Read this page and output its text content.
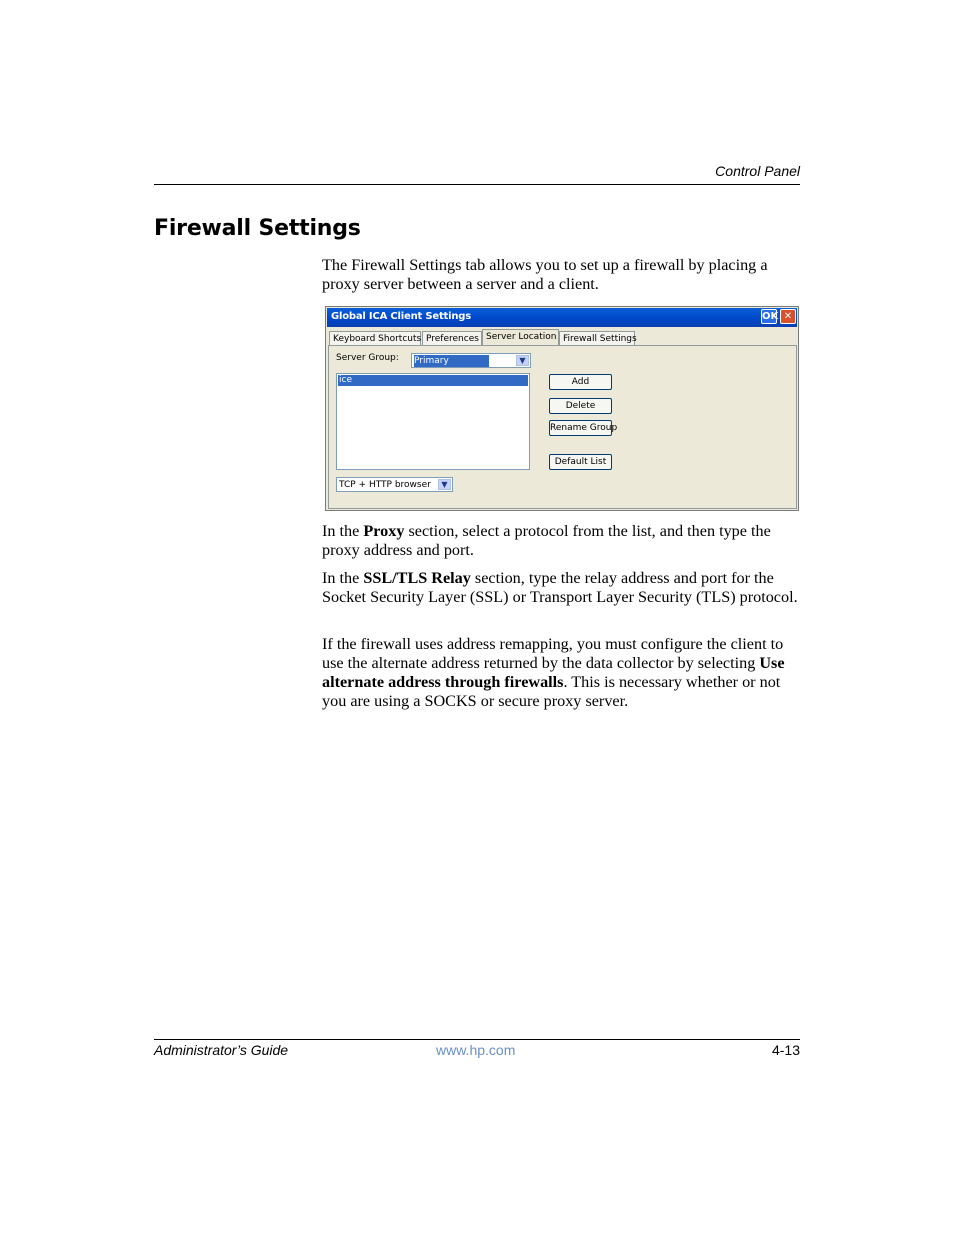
Control Panel
Firewall Settings
The Firewall Settings tab allows you to set up a firewall by placing a proxy server between a server and a client.
Global ICA Client Settings	OK ✕
Keyboard Shortcuts Preferences Server Location Firewall Settings
Server Group: Primary	▼
ice	Add
Delete
Rename Group
Default List
TCP + HTTP browser	▼
In the Proxy section, select a protocol from the list, and then type the proxy address and port.
In the SSL/TLS Relay section, type the relay address and port for the Socket Security Layer (SSL) or Transport Layer Security (TLS) protocol.
If the firewall uses address remapping, you must configure the client to use the alternate address returned by the data collector by selecting Use alternate address through firewalls. This is necessary whether or not you are using a SOCKS or secure proxy server.
Administrator’s Guide	www.hp.com	4-13
